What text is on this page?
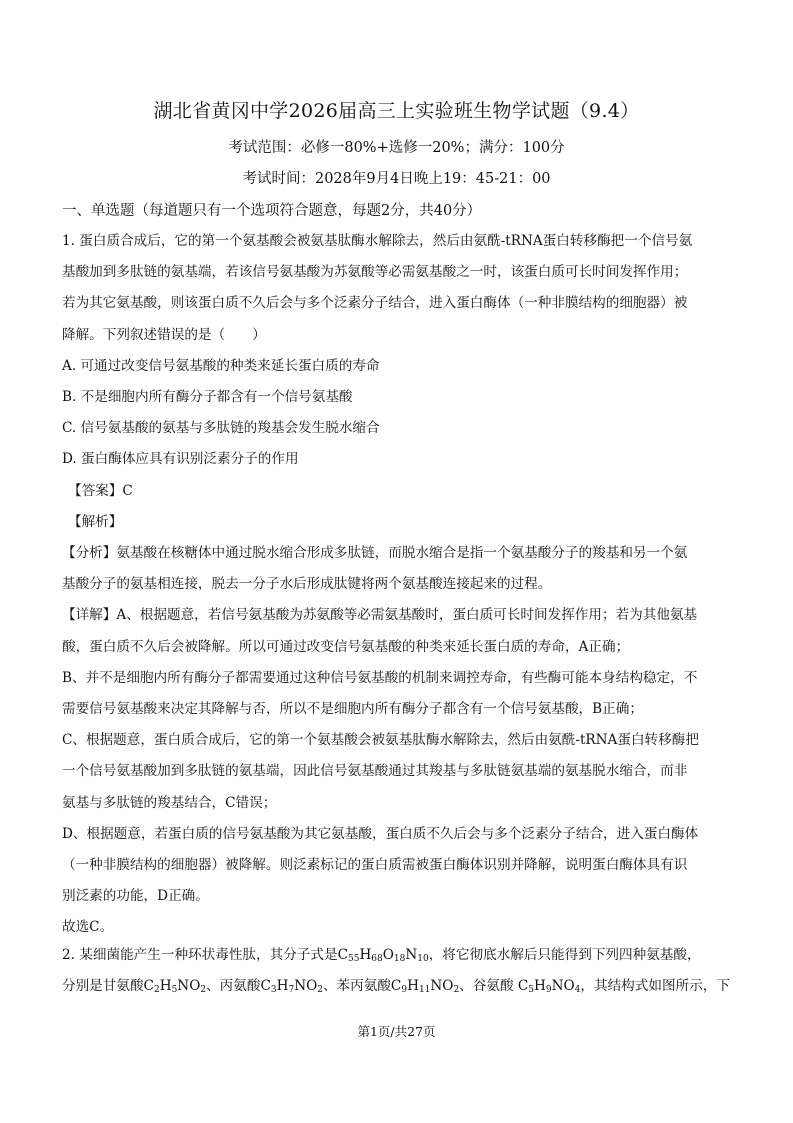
湖北省黄冈中学2026届高三上实验班生物学试题（9.4）
考试范围：必修一80%+选修一20%；满分：100分
考试时间：2028年9月4日晚上19：45-21：00
一、单选题（每道题只有一个选项符合题意，每题2分，共40分）

1. 蛋白质合成后，它的第一个氨基酸会被氨基肽酶水解除去，然后由氨酰-tRNA蛋白转移酶把一个信号氨

基酸加到多肽链的氨基端，若该信号氨基酸为苏氨酸等必需氨基酸之一时，该蛋白质可长时间发挥作用；

若为其它氨基酸，则该蛋白质不久后会与多个泛素分子结合，进入蛋白酶体（一种非膜结构的细胞器）被

降解。下列叙述错误的是（　　）

A. 可通过改变信号氨基酸的种类来延长蛋白质的寿命

B. 不是细胞内所有酶分子都含有一个信号氨基酸

C. 信号氨基酸的氨基与多肽链的羧基会发生脱水缩合

D. 蛋白酶体应具有识别泛素分子的作用

【答案】C

【解析】

【分析】氨基酸在核糖体中通过脱水缩合形成多肽链，而脱水缩合是指一个氨基酸分子的羧基和另一个氨

基酸分子的氨基相连接，脱去一分子水后形成肽键将两个氨基酸连接起来的过程。

【详解】A、根据题意，若信号氨基酸为苏氨酸等必需氨基酸时，蛋白质可长时间发挥作用；若为其他氨基

酸，蛋白质不久后会被降解。所以可通过改变信号氨基酸的种类来延长蛋白质的寿命，A正确；

B、并不是细胞内所有酶分子都需要通过这种信号氨基酸的机制来调控寿命，有些酶可能本身结构稳定，不

需要信号氨基酸来决定其降解与否，所以不是细胞内所有酶分子都含有一个信号氨基酸，B正确；

C、根据题意，蛋白质合成后，它的第一个氨基酸会被氨基肽酶水解除去，然后由氨酰-tRNA蛋白转移酶把

一个信号氨基酸加到多肽链的氨基端，因此信号氨基酸通过其羧基与多肽链氨基端的氨基脱水缩合，而非

氨基与多肽链的羧基结合，C错误；

D、根据题意，若蛋白质的信号氨基酸为其它氨基酸，蛋白质不久后会与多个泛素分子结合，进入蛋白酶体

（一种非膜结构的细胞器）被降解。则泛素标记的蛋白质需被蛋白酶体识别并降解，说明蛋白酶体具有识

别泛素的功能，D正确。

故选C。

2. 某细菌能产生一种环状毒性肽，其分子式是$C_{55}H_{68}O_{18}N_{10}$，将它彻底水解后只能得到下列四种氨基酸，

分别是甘氨酸$C_2H_5NO_2$、丙氨酸$C_3H_7NO_2$、苯丙氨酸$C_9H_{11}NO_2$、谷氨酸 $C_5H_9NO_4$，其结构式如图所示，下

第1页/共27页
